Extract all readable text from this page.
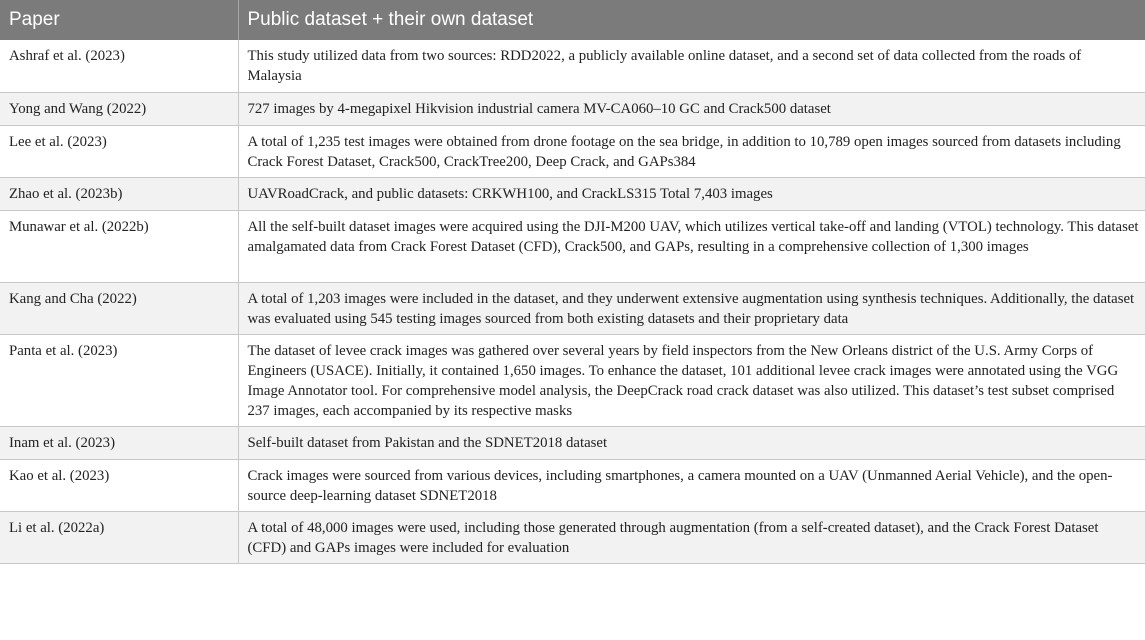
Paper	Public dataset + their own dataset
Ashraf et al. (2023)	This study utilized data from two sources: RDD2022, a publicly available online dataset, and a second set of data collected from the roads of Malaysia
Yong and Wang (2022)	727 images by 4-megapixel Hikvision industrial camera MV-CA060–10 GC and Crack500 dataset
Lee et al. (2023)	A total of 1,235 test images were obtained from drone footage on the sea bridge, in addition to 10,789 open images sourced from datasets including Crack Forest Dataset, Crack500, CrackTree200, Deep Crack, and GAPs384
Zhao et al. (2023b)	UAVRoadCrack, and public datasets: CRKWH100, and CrackLS315 Total 7,403 images
Munawar et al. (2022b)	All the self-built dataset images were acquired using the DJI-M200 UAV, which utilizes vertical take-off and landing (VTOL) technology. This dataset amalgamated data from Crack Forest Dataset (CFD), Crack500, and GAPs, resulting in a comprehensive collection of 1,300 images
Kang and Cha (2022)	A total of 1,203 images were included in the dataset, and they underwent extensive augmentation using synthesis techniques. Additionally, the dataset was evaluated using 545 testing images sourced from both existing datasets and their proprietary data
Panta et al. (2023)	The dataset of levee crack images was gathered over several years by field inspectors from the New Orleans district of the U.S. Army Corps of Engineers (USACE). Initially, it contained 1,650 images. To enhance the dataset, 101 additional levee crack images were annotated using the VGG Image Annotator tool. For comprehensive model analysis, the DeepCrack road crack dataset was also utilized. This dataset’s test subset comprised 237 images, each accompanied by its respective masks
Inam et al. (2023)	Self-built dataset from Pakistan and the SDNET2018 dataset
Kao et al. (2023)	Crack images were sourced from various devices, including smartphones, a camera mounted on a UAV (Unmanned Aerial Vehicle), and the open-source deep-learning dataset SDNET2018
Li et al. (2022a)	A total of 48,000 images were used, including those generated through augmentation (from a self-created dataset), and the Crack Forest Dataset (CFD) and GAPs images were included for evaluation
